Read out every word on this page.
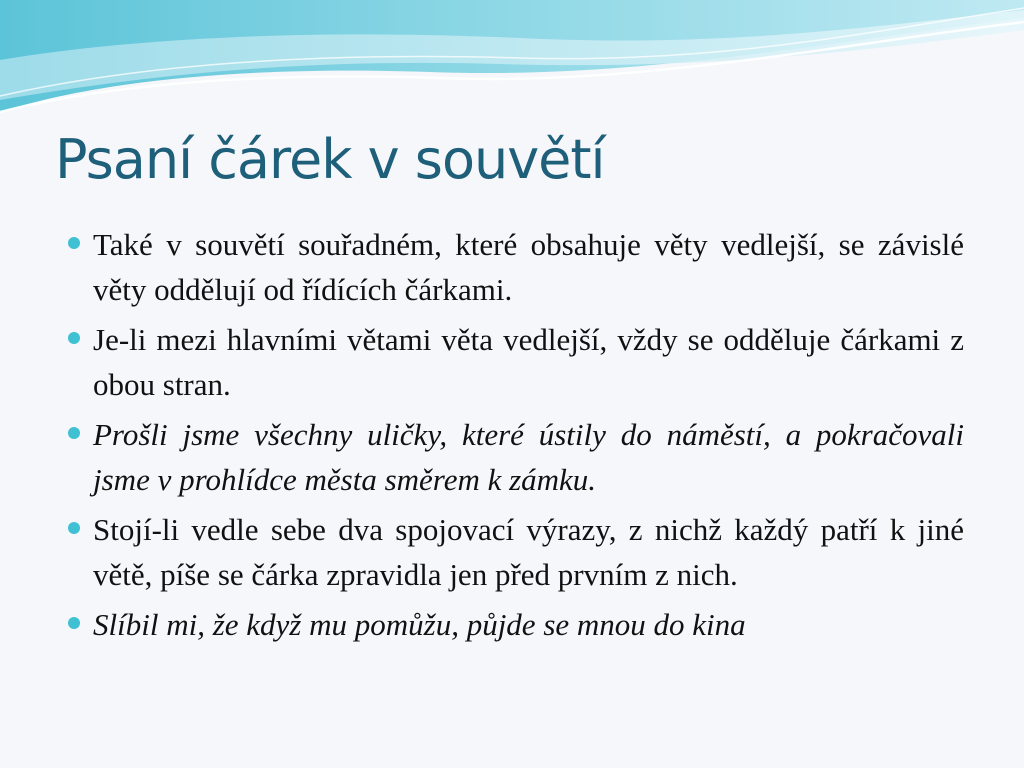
Psaní čárek v souvětí
Také v souvětí souřadném, které obsahuje věty vedlejší, se závislé věty oddělují od řídících čárkami.
Je-li mezi hlavními větami věta vedlejší, vždy se odděluje čárkami z obou stran.
Prošli jsme všechny uličky, které ústily do náměstí, a pokračovali jsme v prohlídce města směrem k zámku.
Stojí-li vedle sebe dva spojovací výrazy, z nichž každý patří k jiné větě, píše se čárka zpravidla jen před prvním z nich.
Slíbil mi, že když mu pomůžu, půjde se mnou do kina
